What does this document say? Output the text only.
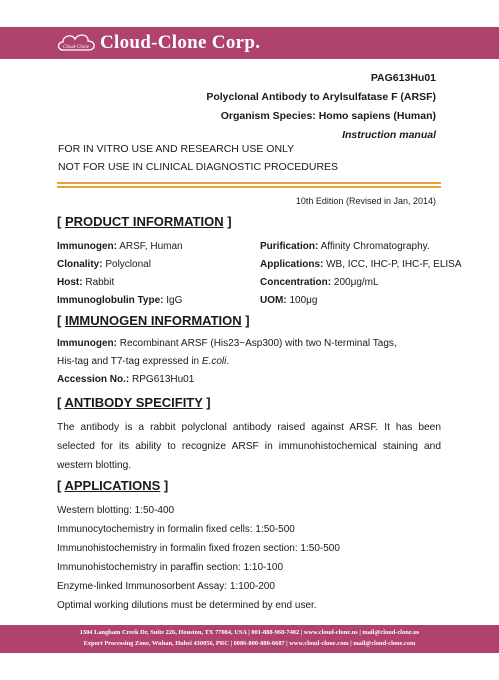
Cloud-Clone Cloud-Clone Corp.
PAG613Hu01
Polyclonal Antibody to Arylsulfatase F (ARSF)
Organism Species: Homo sapiens (Human)
Instruction manual
FOR IN VITRO USE AND RESEARCH USE ONLY
NOT FOR USE IN CLINICAL DIAGNOSTIC PROCEDURES
10th Edition (Revised in Jan, 2014)
[ PRODUCT INFORMATION ]
Immunogen: ARSF, Human
Clonality: Polyclonal
Host: Rabbit
Immunoglobulin Type: IgG
Purification: Affinity Chromatography.
Applications: WB, ICC, IHC-P, IHC-F, ELISA
Concentration: 200μg/mL
UOM: 100μg
[ IMMUNOGEN INFORMATION ]
Immunogen: Recombinant ARSF (His23~Asp300) with two N-terminal Tags,
His-tag and T7-tag expressed in E.coli.
Accession No.: RPG613Hu01
[ ANTIBODY SPECIFITY ]
The antibody is a rabbit polyclonal antibody raised against ARSF. It has been selected for its ability to recognize ARSF in immunohistochemical staining and western blotting.
[ APPLICATIONS ]
Western blotting: 1:50-400
Immunocytochemistry in formalin fixed cells: 1:50-500
Immunohistochemistry in formalin fixed frozen section: 1:50-500
Immunohistochemistry in paraffin section: 1:10-100
Enzyme-linked Immunosorbent Assay: 1:100-200
Optimal working dilutions must be determined by end user.
1304 Langham Creek Dr, Suite 226, Houston, TX 77084, USA | 001-888-960-7402 | www.cloud-clone.us | mail@cloud-clone.us
Export Processing Zone, Wuhan, Hubei 430056, PRC | 0086-800-880-0687 | www.cloud-clone.com | mail@cloud-clone.com
